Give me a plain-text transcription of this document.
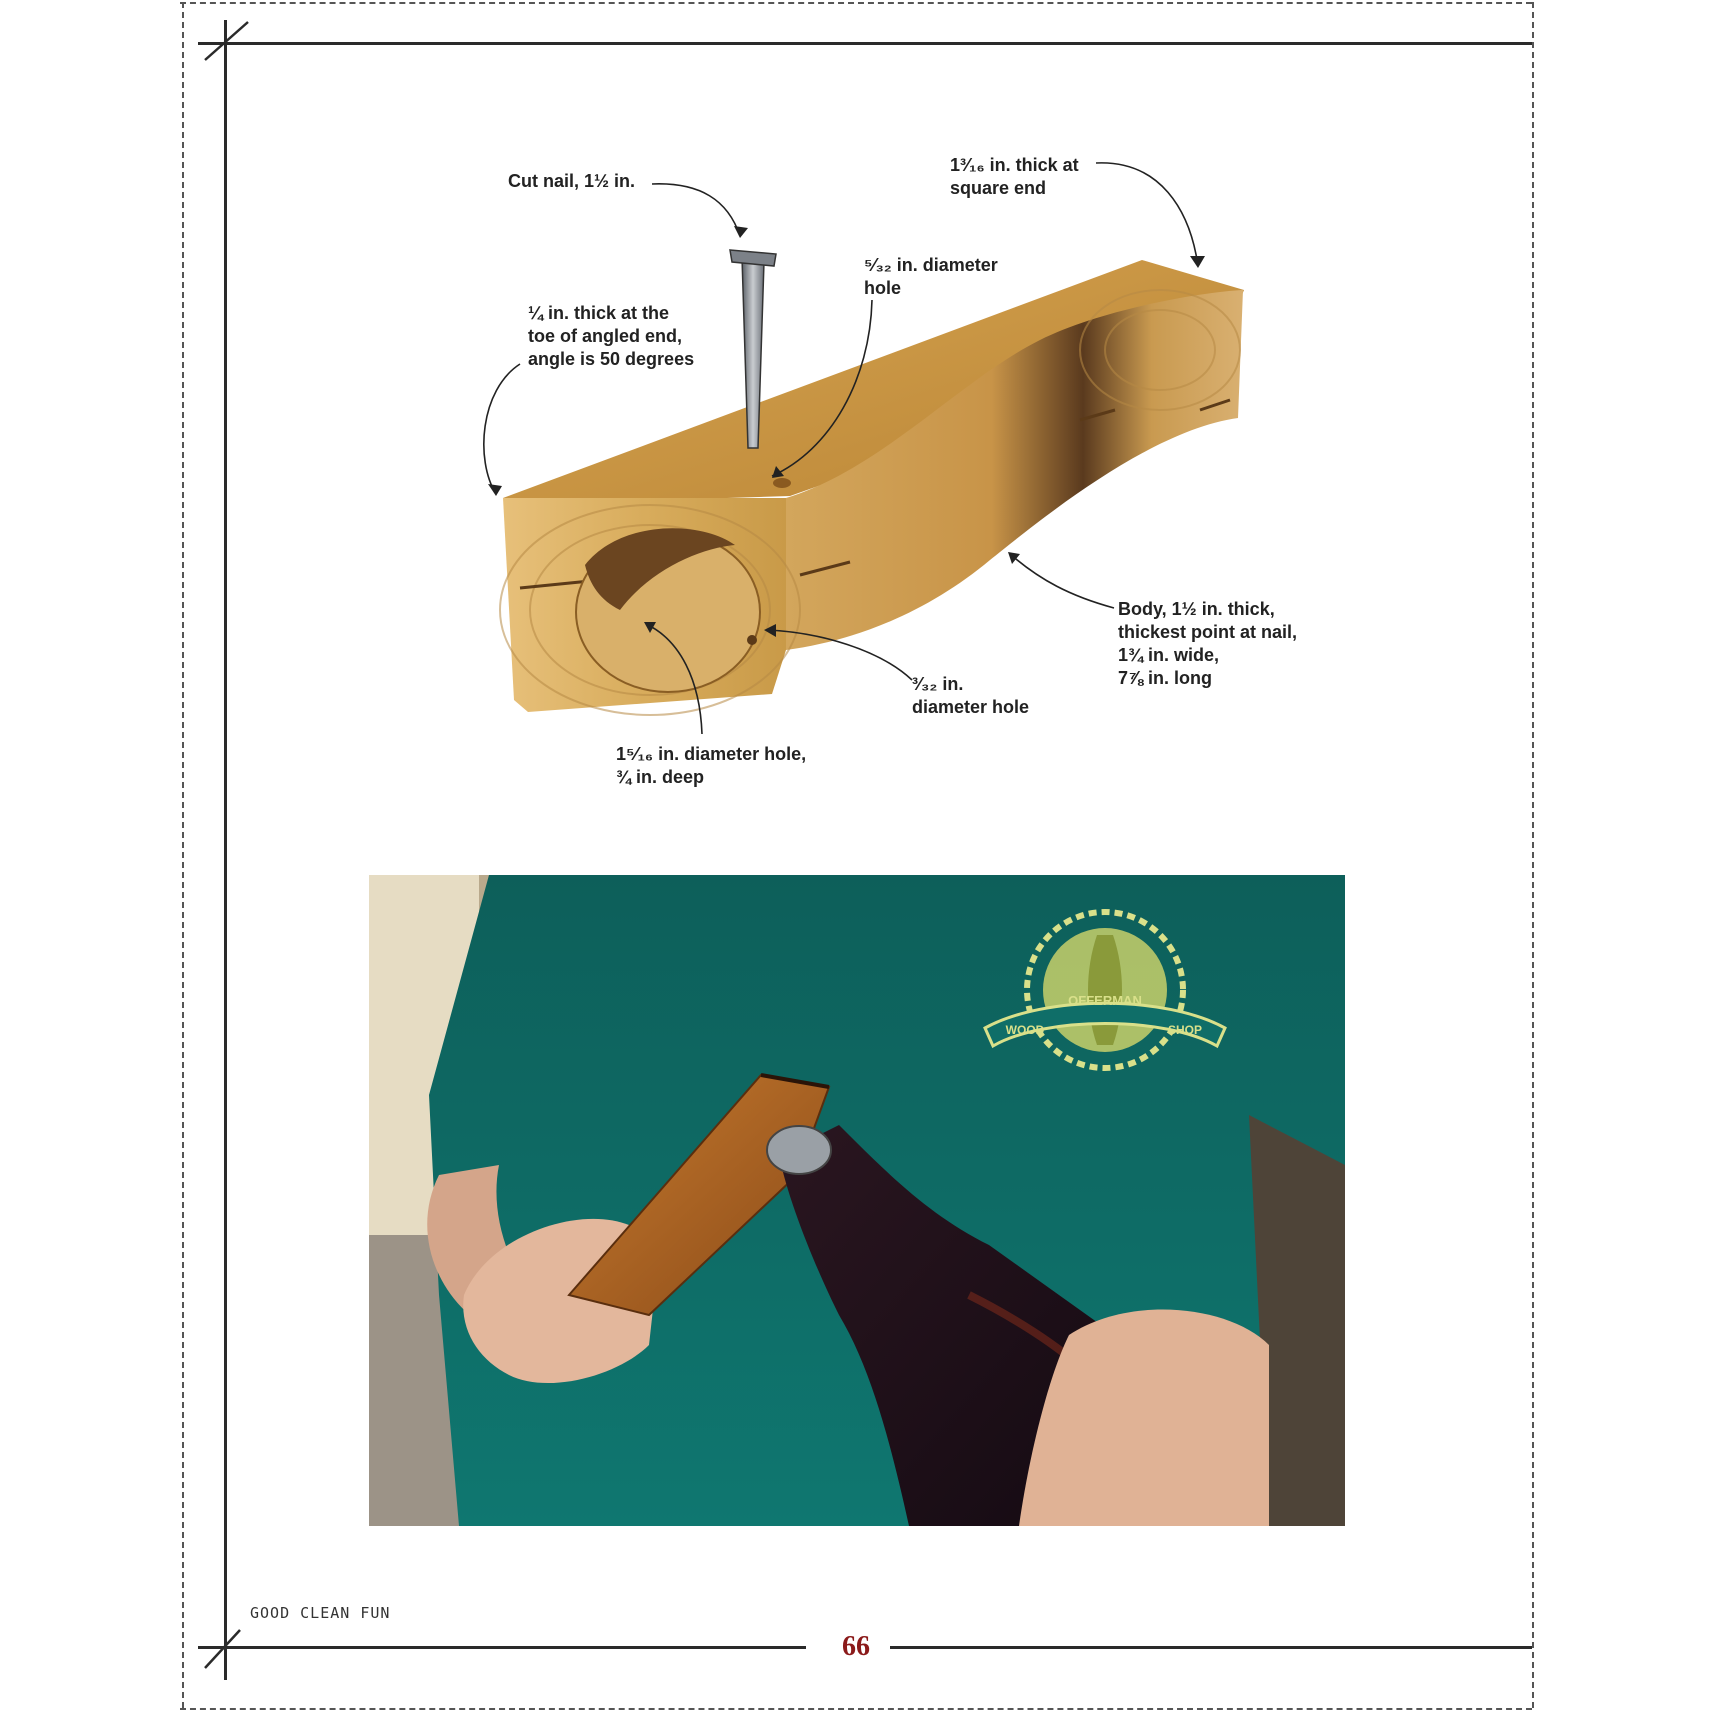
Cut nail, 1½ in.
1³⁄₁₆ in. thick at
square end
⁵⁄₃₂ in. diameter
hole
¼ in. thick at the
toe of angled end,
angle is 50 degrees
Body, 1½ in. thick,
thickest point at nail,
1¾ in. wide,
7⅞ in. long
³⁄₃₂ in.
diameter hole
1⁵⁄₁₆ in. diameter hole,
¾ in. deep
OFFERMAN
WOOD	SHOP
GOOD CLEAN FUN
66
